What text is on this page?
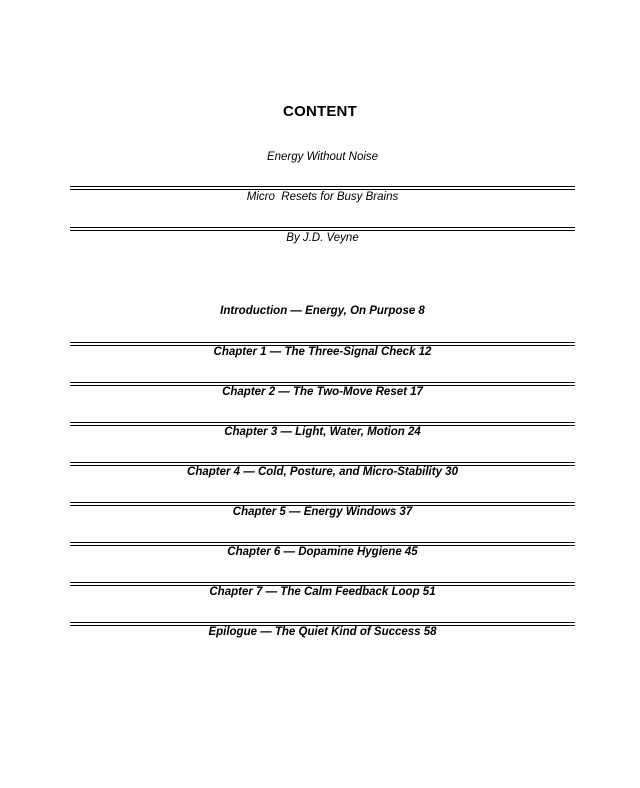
CONTENT
Energy Without Noise
Micro  Resets for Busy Brains
By J.D. Veyne
Introduction — Energy, On Purpose 8
Chapter 1 — The Three-Signal Check 12
Chapter 2 — The Two-Move Reset 17
Chapter 3 — Light, Water, Motion 24
Chapter 4 — Cold, Posture, and Micro-Stability 30
Chapter 5 — Energy Windows 37
Chapter 6 — Dopamine Hygiene 45
Chapter 7 — The Calm Feedback Loop 51
Epilogue — The Quiet Kind of Success 58
